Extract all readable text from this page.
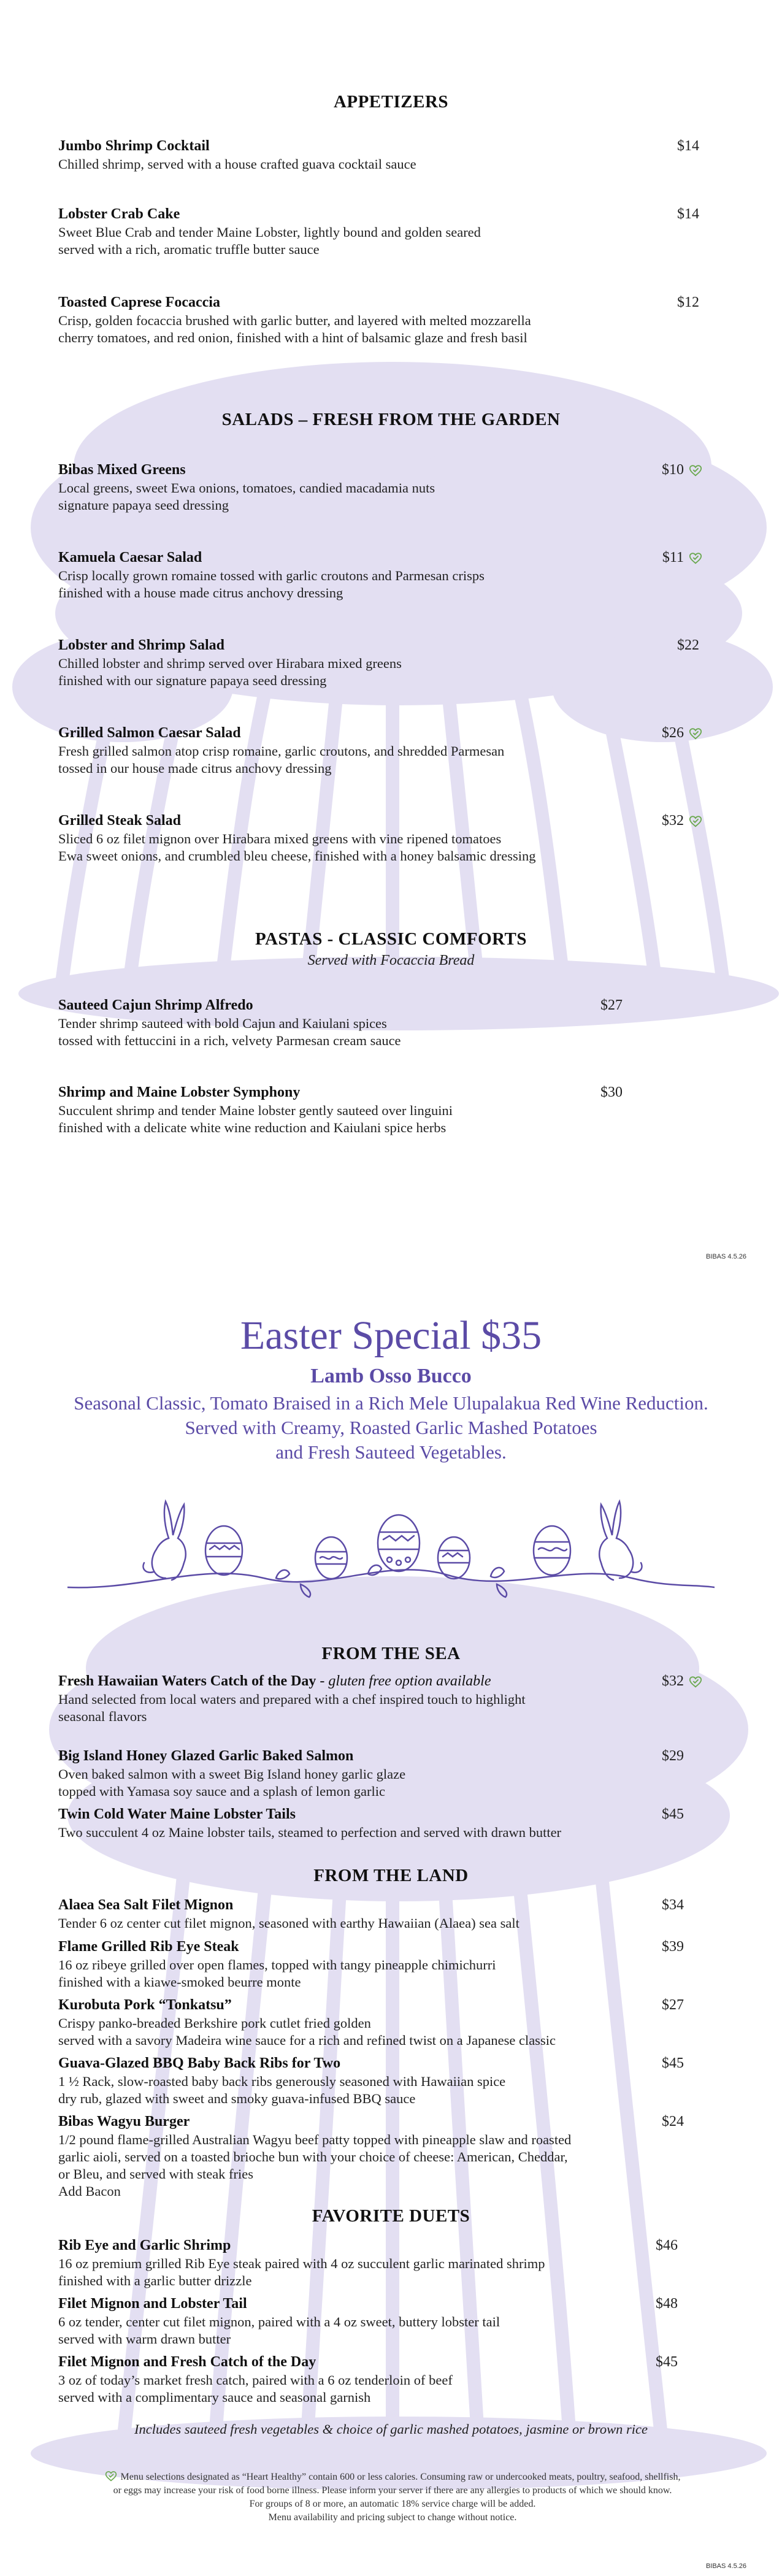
APPETIZERS
Jumbo Shrimp Cocktail
Chilled shrimp, served with a house crafted guava cocktail sauce
$14
Lobster Crab Cake
Sweet Blue Crab and tender Maine Lobster, lightly bound and golden seared
served with a rich, aromatic truffle butter sauce
$14
Toasted Caprese Focaccia
Crisp, golden focaccia brushed with garlic butter, and layered with melted mozzarella
cherry tomatoes, and red onion, finished with a hint of balsamic glaze and fresh basil
$12
SALADS – FRESH FROM THE GARDEN
Bibas Mixed Greens
Local greens, sweet Ewa onions, tomatoes, candied macadamia nuts
signature papaya seed dressing
$10
Kamuela Caesar Salad
Crisp locally grown romaine tossed with garlic croutons and Parmesan crisps
finished with a house made citrus anchovy dressing
$11
Lobster and Shrimp Salad
Chilled lobster and shrimp served over Hirabara mixed greens
finished with our signature papaya seed dressing
$22
Grilled Salmon Caesar Salad
Fresh grilled salmon atop crisp romaine, garlic croutons, and shredded Parmesan
tossed in our house made citrus anchovy dressing
$26
Grilled Steak Salad
Sliced 6 oz filet mignon over Hirabara mixed greens with vine ripened tomatoes
Ewa sweet onions, and crumbled bleu cheese, finished with a honey balsamic dressing
$32
PASTAS - CLASSIC COMFORTS
Served with Focaccia Bread
Sauteed Cajun Shrimp Alfredo
Tender shrimp sauteed with bold Cajun and Kaiulani spices
tossed with fettuccini in a rich, velvety Parmesan cream sauce
$27
Shrimp and Maine Lobster Symphony
Succulent shrimp and tender Maine lobster gently sauteed over linguini
finished with a delicate white wine reduction and Kaiulani spice herbs
$30
BIBAS 4.5.26
Easter Special $35
Lamb Osso Bucco
Seasonal Classic, Tomato Braised in a Rich Mele Ulupalakua Red Wine Reduction.
Served with Creamy, Roasted Garlic Mashed Potatoes
and Fresh Sauteed Vegetables.
FROM THE SEA
Fresh Hawaiian Waters Catch of the Day - gluten free option available
Hand selected from local waters and prepared with a chef inspired touch to highlight
seasonal flavors
$32
Big Island Honey Glazed Garlic Baked Salmon
Oven baked salmon with a sweet Big Island honey garlic glaze
topped with Yamasa soy sauce and a splash of lemon garlic
$29
Twin Cold Water Maine Lobster Tails
Two succulent 4 oz Maine lobster tails, steamed to perfection and served with drawn butter
$45
FROM THE LAND
Alaea Sea Salt Filet Mignon
Tender 6 oz center cut filet mignon, seasoned with earthy Hawaiian (Alaea) sea salt
$34
Flame Grilled Rib Eye Steak
16 oz ribeye grilled over open flames, topped with tangy pineapple chimichurri
finished with a kiawe-smoked beurre monte
$39
Kurobuta Pork “Tonkatsu”
Crispy panko-breaded Berkshire pork cutlet fried golden
served with a savory Madeira wine sauce for a rich and refined twist on a Japanese classic
$27
Guava-Glazed BBQ Baby Back Ribs for Two
1 ½ Rack, slow-roasted baby back ribs generously seasoned with Hawaiian spice
dry rub, glazed with sweet and smoky guava-infused BBQ sauce
$45
Bibas Wagyu Burger
1/2 pound flame-grilled Australian Wagyu beef patty topped with pineapple slaw and roasted
garlic aioli, served on a toasted brioche bun with your choice of cheese: American, Cheddar,
or Bleu, and served with steak fries
Add Bacon
$24
FAVORITE DUETS
Rib Eye and Garlic Shrimp
16 oz premium grilled Rib Eye steak paired with 4 oz succulent garlic marinated shrimp
finished with a garlic butter drizzle
$46
Filet Mignon and Lobster Tail
6 oz tender, center cut filet mignon, paired with a 4 oz sweet, buttery lobster tail
served with warm drawn butter
$48
Filet Mignon and Fresh Catch of the Day
3 oz of today’s market fresh catch, paired with a 6 oz tenderloin of beef
served with a complimentary sauce and seasonal garnish
$45
Includes sauteed fresh vegetables & choice of garlic mashed potatoes, jasmine or brown rice
Menu selections designated as “Heart Healthy” contain 600 or less calories. Consuming raw or undercooked meats, poultry, seafood, shellfish,
or eggs may increase your risk of food borne illness. Please inform your server if there are any allergies to products of which we should know.
For groups of 8 or more, an automatic 18% service charge will be added.
Menu availability and pricing subject to change without notice.
BIBAS 4.5.26
